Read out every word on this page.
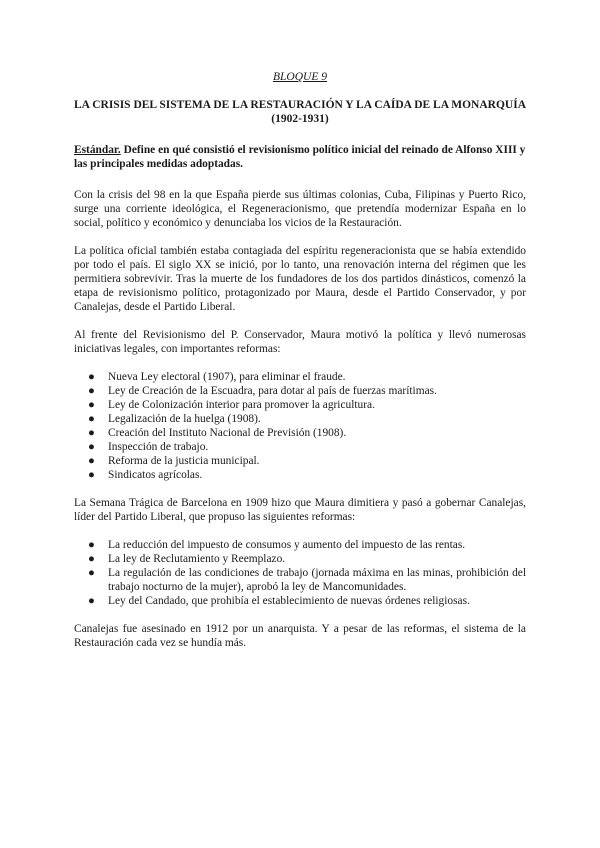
BLOQUE 9
LA CRISIS DEL SISTEMA DE LA RESTAURACIÓN Y LA CAÍDA DE LA MONARQUÍA (1902-1931)
Estándar. Define en qué consistió el revisionismo político inicial del reinado de Alfonso XIII y las principales medidas adoptadas.

Con la crisis del 98 en la que España pierde sus últimas colonias, Cuba, Filipinas y Puerto Rico, surge una corriente ideológica, el Regeneracionismo, que pretendía modernizar España en lo social, político y económico y denunciaba los vicios de la Restauración.

La política oficial también estaba contagiada del espíritu regeneracionista que se había extendido por todo el país. El siglo XX se inició, por lo tanto, una renovación interna del régimen que les permitiera sobrevivir. Tras la muerte de los fundadores de los dos partidos dinásticos, comenzó la etapa de revisionismo político, protagonizado por Maura, desde el Partido Conservador, y por Canalejas, desde el Partido Liberal.

Al frente del Revisionismo del P. Conservador, Maura motivó la política y llevó numerosas iniciativas legales, con importantes reformas:

● Nueva Ley electoral (1907), para eliminar el fraude.
● Ley de Creación de la Escuadra, para dotar al país de fuerzas marítimas.
● Ley de Colonización interior para promover la agricultura.
● Legalización de la huelga (1908).
● Creación del Instituto Nacional de Previsión (1908).
● Inspección de trabajo.
● Reforma de la justicia municipal.
● Sindicatos agrícolas.

La Semana Trágica de Barcelona en 1909 hizo que Maura dimitiera y pasó a gobernar Canalejas, líder del Partido Liberal, que propuso las siguientes reformas:

● La reducción del impuesto de consumos y aumento del impuesto de las rentas.
● La ley de Reclutamiento y Reemplazo.
● La regulación de las condiciones de trabajo (jornada máxima en las minas, prohibición del trabajo nocturno de la mujer), aprobó la ley de Mancomunidades.
● Ley del Candado, que prohibía el establecimiento de nuevas órdenes religiosas.

Canalejas fue asesinado en 1912 por un anarquista. Y a pesar de las reformas, el sistema de la Restauración cada vez se hundía más.
